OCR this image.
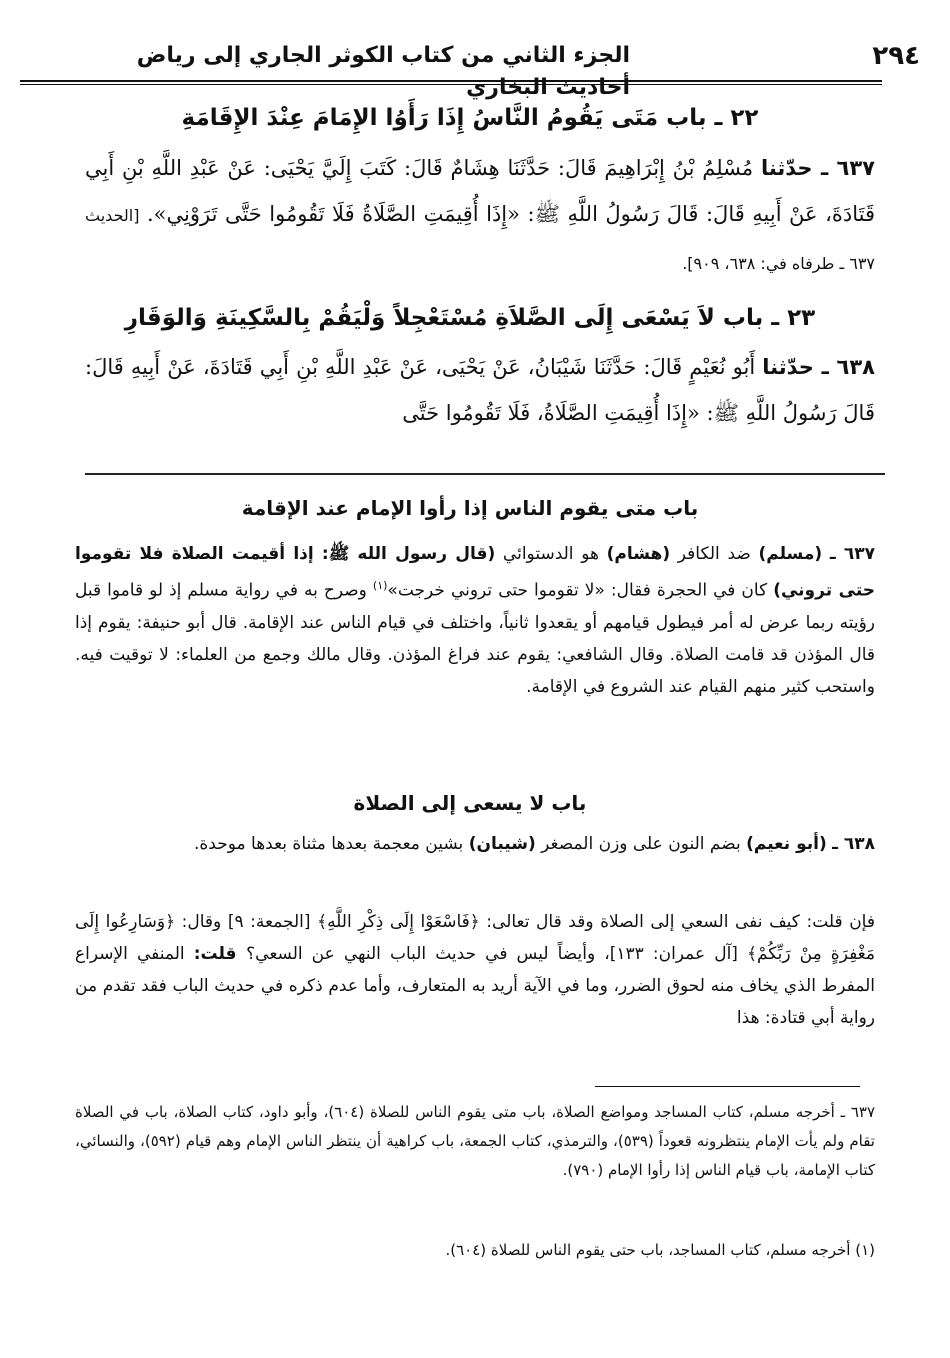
الجزء الثاني من كتاب الكوثر الجاري إلى رياض أحاديث البخاري
٢٩٤
٢٢ ـ باب مَتَى يَقُومُ النَّاسُ إِذَا رَأَوُا الإِمَامَ عِنْدَ الإِقَامَةِ
٦٣٧ ـ حدّثنا مُسْلِمُ بْنُ إِبْرَاهِيمَ قَالَ: حَدَّثَنَا هِشَامٌ قَالَ: كَتَبَ إِلَيَّ يَحْيَى: عَنْ عَبْدِ اللَّهِ بْنِ أَبِي قَتَادَةَ، عَنْ أَبِيهِ قَالَ: قَالَ رَسُولُ اللَّهِ ﷺ: «إِذَا أُقِيمَتِ الصَّلَاةُ فَلَا تَقُومُوا حَتَّى تَرَوْنِي». [الحديث ٦٣٧ ـ طرفاه في: ٦٣٨، ٩٠٩].
٢٣ ـ باب لاَ يَسْعَى إِلَى الصَّلاَةِ مُسْتَعْجِلاً وَلْيَقُمْ بِالسَّكِينَةِ وَالوَقَارِ
٦٣٨ ـ حدّثنا أَبُو نُعَيْمٍ قَالَ: حَدَّثَنَا شَيْبَانُ، عَنْ يَحْيَى، عَنْ عَبْدِ اللَّهِ بْنِ أَبِي قَتَادَةَ، عَنْ أَبِيهِ قَالَ: قَالَ رَسُولُ اللَّهِ ﷺ: «إِذَا أُقِيمَتِ الصَّلَاةُ، فَلَا تَقُومُوا حَتَّى
باب متى يقوم الناس إذا رأوا الإمام عند الإقامة
٦٣٧ ـ (مسلم) ضد الكافر (هشام) هو الدستوائي (قال رسول الله ﷺ: إذا أقيمت الصلاة فلا تقوموا حتى تروني) كان في الحجرة فقال: «لا تقوموا حتى تروني خرجت»$^{(١)}$ وصرح به في رواية مسلم إذ لو قاموا قبل رؤيته ربما عرض له أمر فيطول قيامهم أو يقعدوا ثانياً، واختلف في قيام الناس عند الإقامة. قال أبو حنيفة: يقوم إذا قال المؤذن قد قامت الصلاة. وقال الشافعي: يقوم عند فراغ المؤذن. وقال مالك وجمع من العلماء: لا توقيت فيه. واستحب كثير منهم القيام عند الشروع في الإقامة.
باب لا يسعى إلى الصلاة
٦٣٨ ـ (أبو نعيم) بضم النون على وزن المصغر (شيبان) بشين معجمة بعدها مثناة بعدها موحدة.
فإن قلت: كيف نفى السعي إلى الصلاة وقد قال تعالى: ﴿فَاسْعَوْا إِلَى ذِكْرِ اللَّهِ﴾ [الجمعة: ٩] وقال: ﴿وَسَارِعُوا إِلَى مَغْفِرَةٍ مِنْ رَبِّكُمْ﴾ [آل عمران: ١٣٣]، وأيضاً ليس في حديث الباب النهي عن السعي؟ قلت: المنفي الإسراع المفرط الذي يخاف منه لحوق الضرر، وما في الآية أريد به المتعارف، وأما عدم ذكره في حديث الباب فقد تقدم من رواية أبي قتادة: هذا
٦٣٧ ـ أخرجه مسلم، كتاب المساجد ومواضع الصلاة، باب متى يقوم الناس للصلاة (٦٠٤)، وأبو داود، كتاب الصلاة، باب في الصلاة تقام ولم يأت الإمام ينتظرونه قعوداً (٥٣٩)، والترمذي، كتاب الجمعة، باب كراهية أن ينتظر الناس الإمام وهم قيام (٥٩٢)، والنسائي، كتاب الإمامة، باب قيام الناس إذا رأوا الإمام (٧٩٠).
(١) أخرجه مسلم، كتاب المساجد، باب حتى يقوم الناس للصلاة (٦٠٤).
